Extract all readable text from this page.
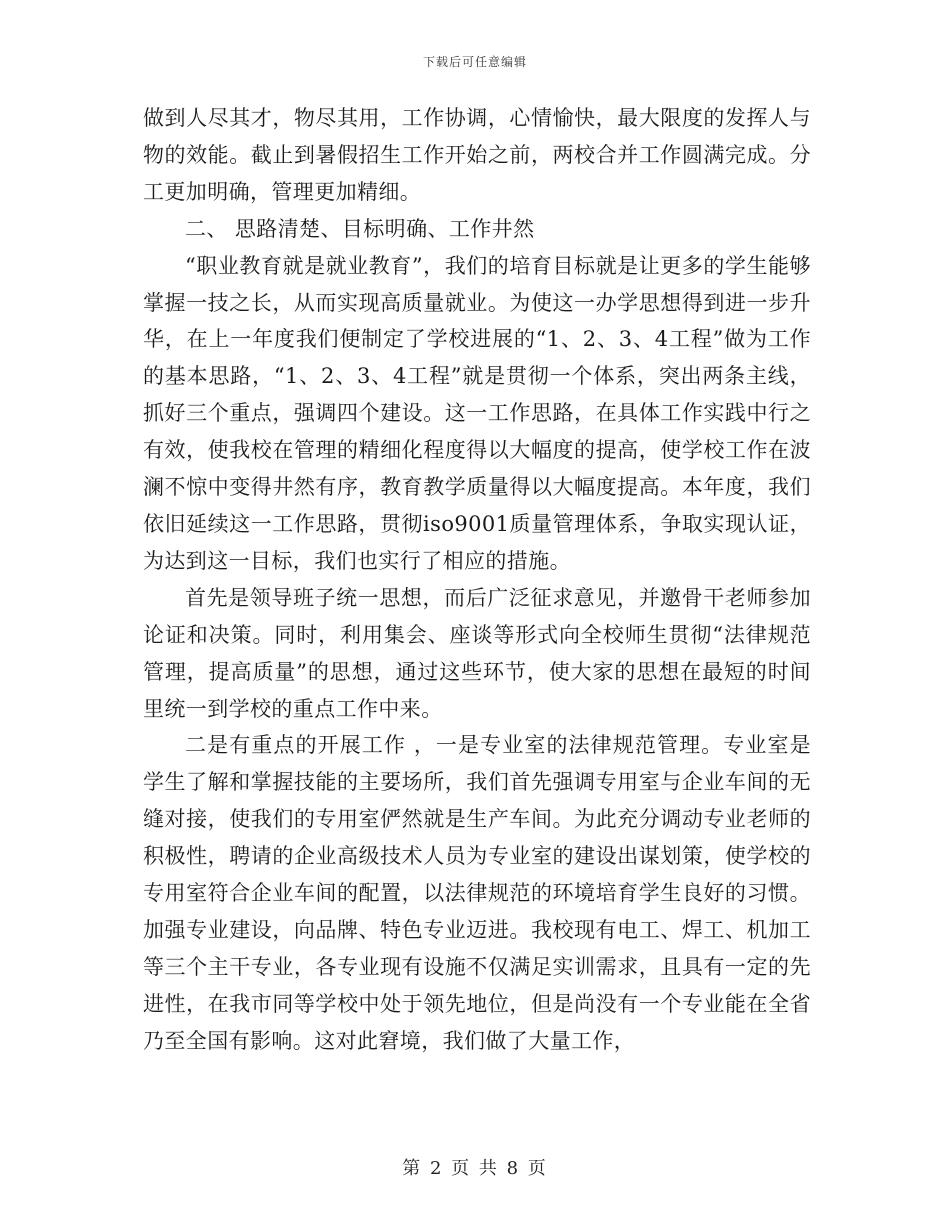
下载后可任意编辑

做到人尽其才，物尽其用，工作协调，心情愉快，最大限度的发挥人与物的效能。截止到暑假招生工作开始之前，两校合并工作圆满完成。分工更加明确，管理更加精细。

二、 思路清楚、目标明确、工作井然

“职业教育就是就业教育”，我们的培育目标就是让更多的学生能够掌握一技之长，从而实现高质量就业。为使这一办学思想得到进一步升华，在上一年度我们便制定了学校进展的“1、2、3、4工程”做为工作的基本思路，“1、2、3、4工程”就是贯彻一个体系，突出两条主线，抓好三个重点，强调四个建设。这一工作思路，在具体工作实践中行之有效，使我校在管理的精细化程度得以大幅度的提高，使学校工作在波澜不惊中变得井然有序，教育教学质量得以大幅度提高。本年度，我们依旧延续这一工作思路，贯彻iso9001质量管理体系，争取实现认证，为达到这一目标，我们也实行了相应的措施。

首先是领导班子统一思想，而后广泛征求意见，并邀骨干老师参加论证和决策。同时，利用集会、座谈等形式向全校师生贯彻“法律规范管理，提高质量”的思想，通过这些环节，使大家的思想在最短的时间里统一到学校的重点工作中来。

二是有重点的开展工作 ，一是专业室的法律规范管理。专业室是学生了解和掌握技能的主要场所，我们首先强调专用室与企业车间的无缝对接，使我们的专用室俨然就是生产车间。为此充分调动专业老师的积极性，聘请的企业高级技术人员为专业室的建设出谋划策，使学校的专用室符合企业车间的配置，以法律规范的环境培育学生良好的习惯。加强专业建设，向品牌、特色专业迈进。我校现有电工、焊工、机加工等三个主干专业，各专业现有设施不仅满足实训需求，且具有一定的先进性，在我市同等学校中处于领先地位，但是尚没有一个专业能在全省乃至全国有影响。这对此窘境，我们做了大量工作，

第 2 页 共 8 页
